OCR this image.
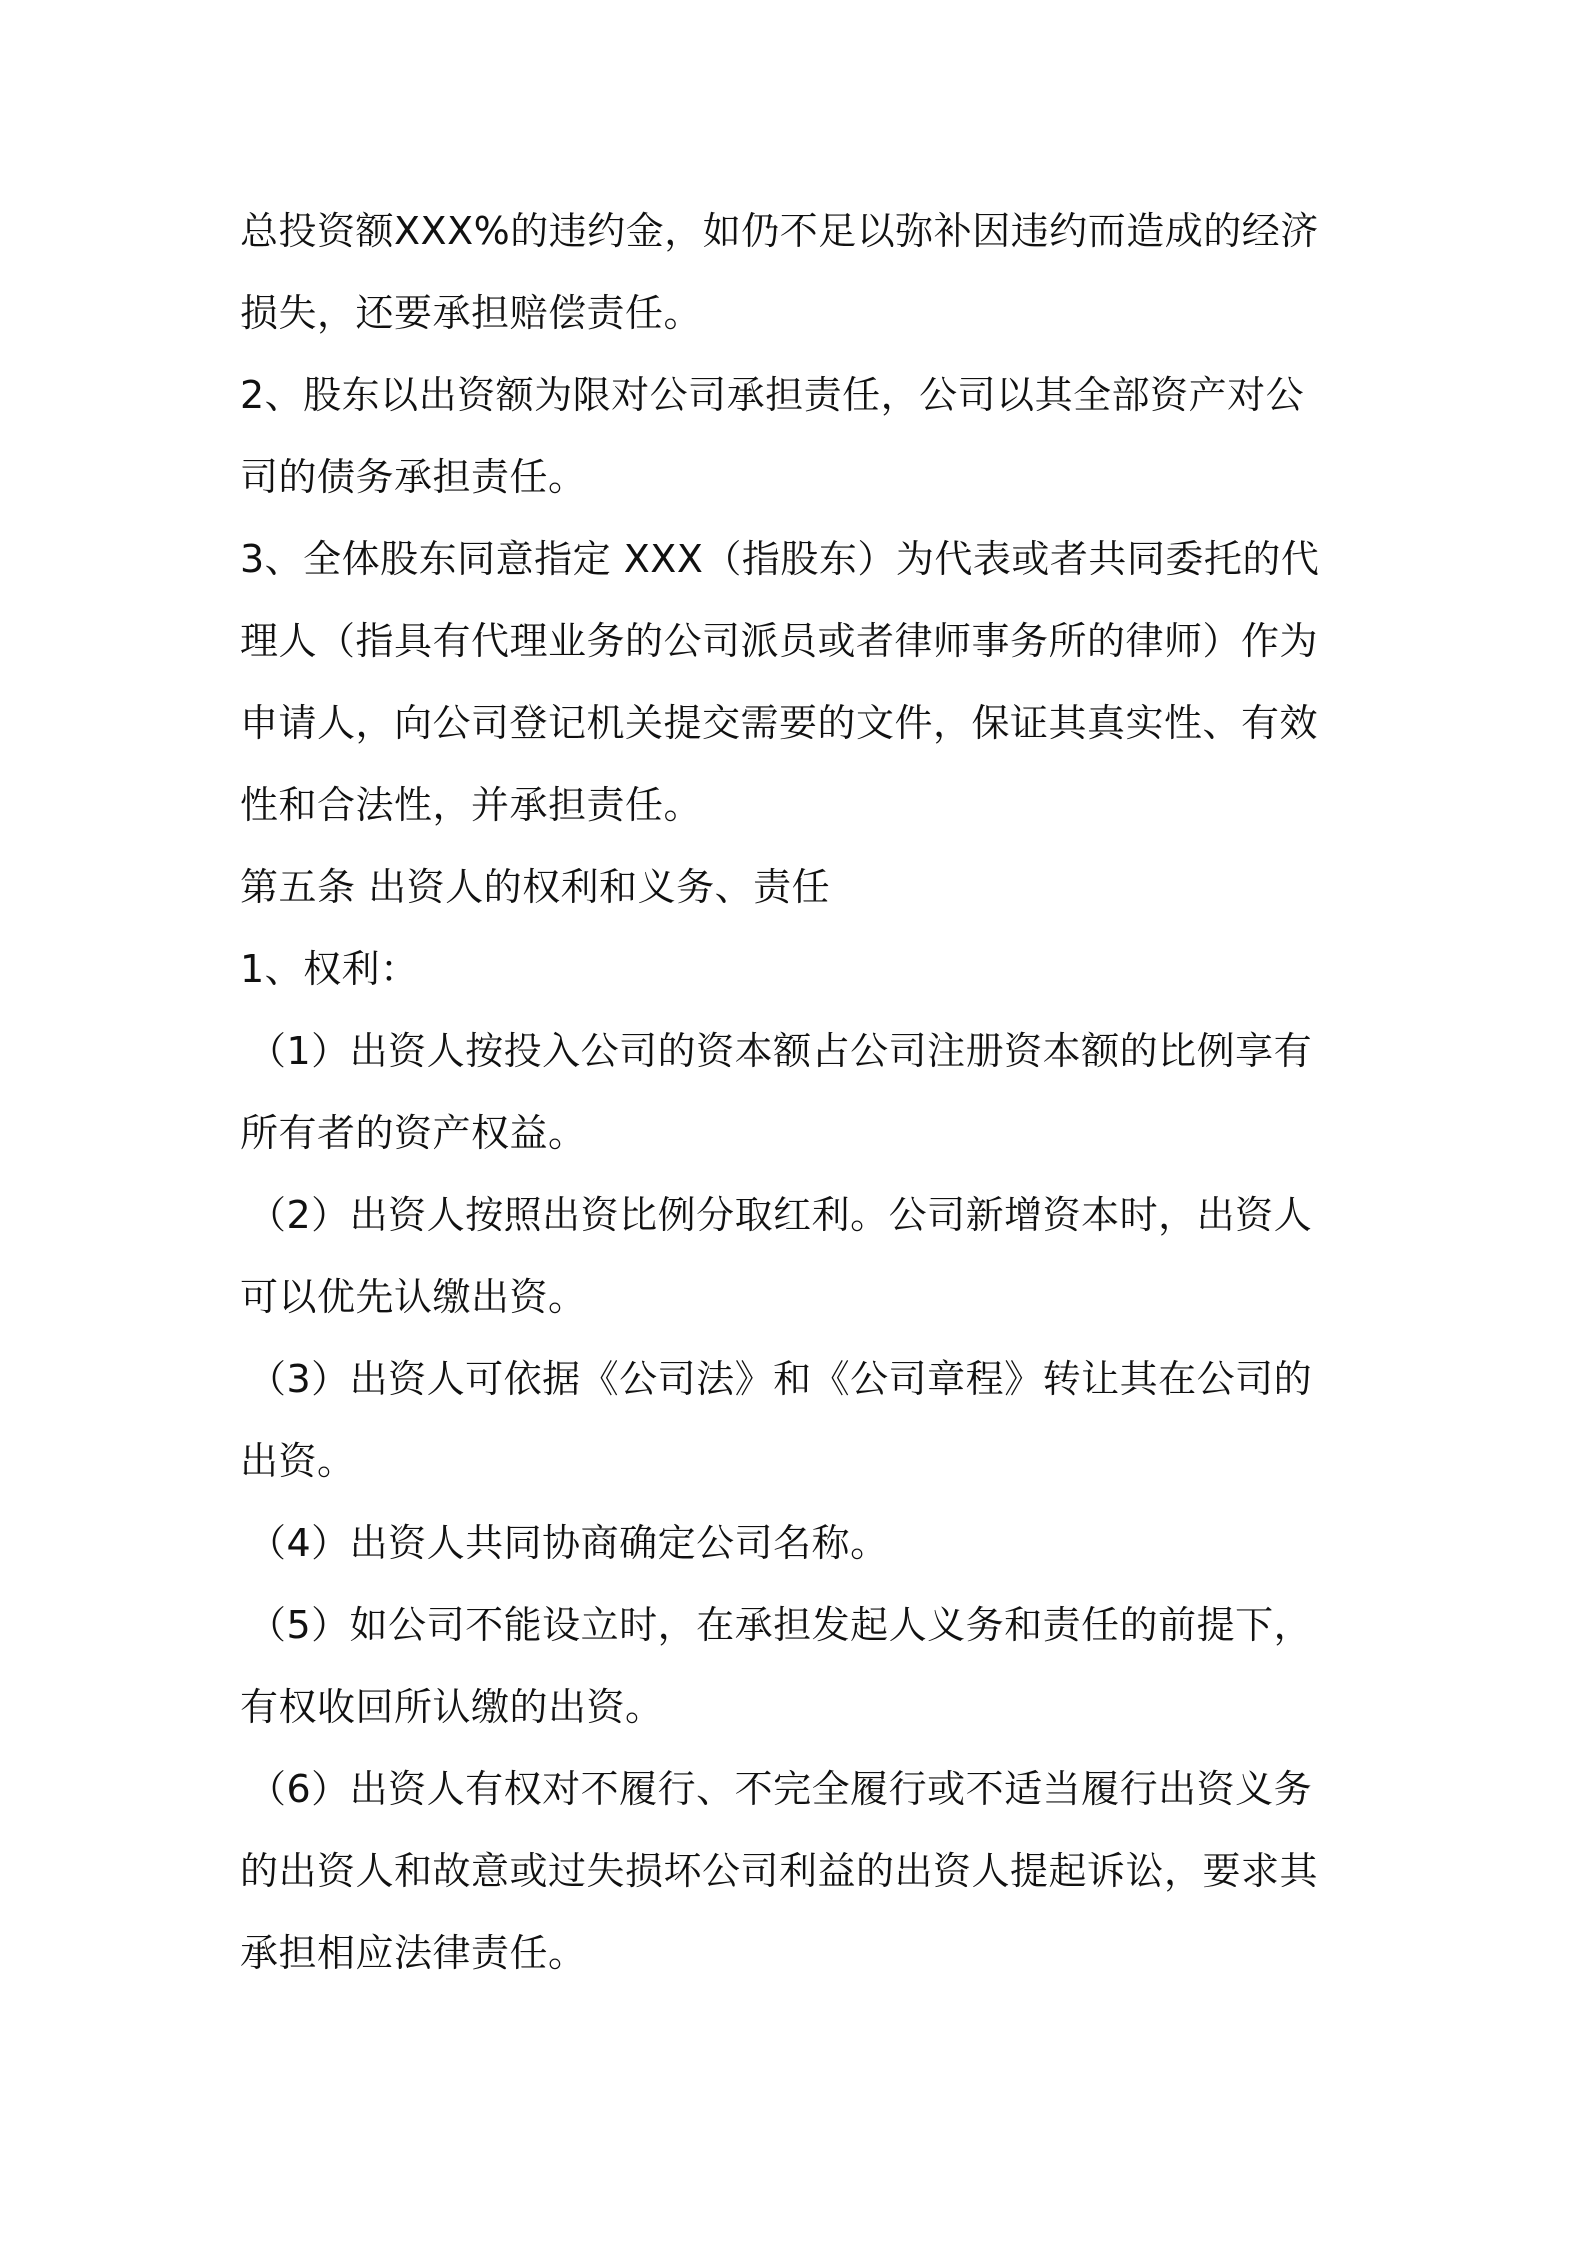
总投资额XXX%的违约金，如仍不足以弥补因违约而造成的经济
损失，还要承担赔偿责任。
2、股东以出资额为限对公司承担责任，公司以其全部资产对公
司的债务承担责任。
3、全体股东同意指定 XXX（指股东）为代表或者共同委托的代
理人（指具有代理业务的公司派员或者律师事务所的律师）作为
申请人，向公司登记机关提交需要的文件，保证其真实性、有效
性和合法性，并承担责任。
第五条 出资人的权利和义务、责任
1、权利：
（1）出资人按投入公司的资本额占公司注册资本额的比例享有
所有者的资产权益。
（2）出资人按照出资比例分取红利。公司新增资本时，出资人
可以优先认缴出资。
（3）出资人可依据《公司法》和《公司章程》转让其在公司的
出资。
（4）出资人共同协商确定公司名称。
（5）如公司不能设立时，在承担发起人义务和责任的前提下，
有权收回所认缴的出资。
（6）出资人有权对不履行、不完全履行或不适当履行出资义务
的出资人和故意或过失损坏公司利益的出资人提起诉讼，要求其
承担相应法律责任。
